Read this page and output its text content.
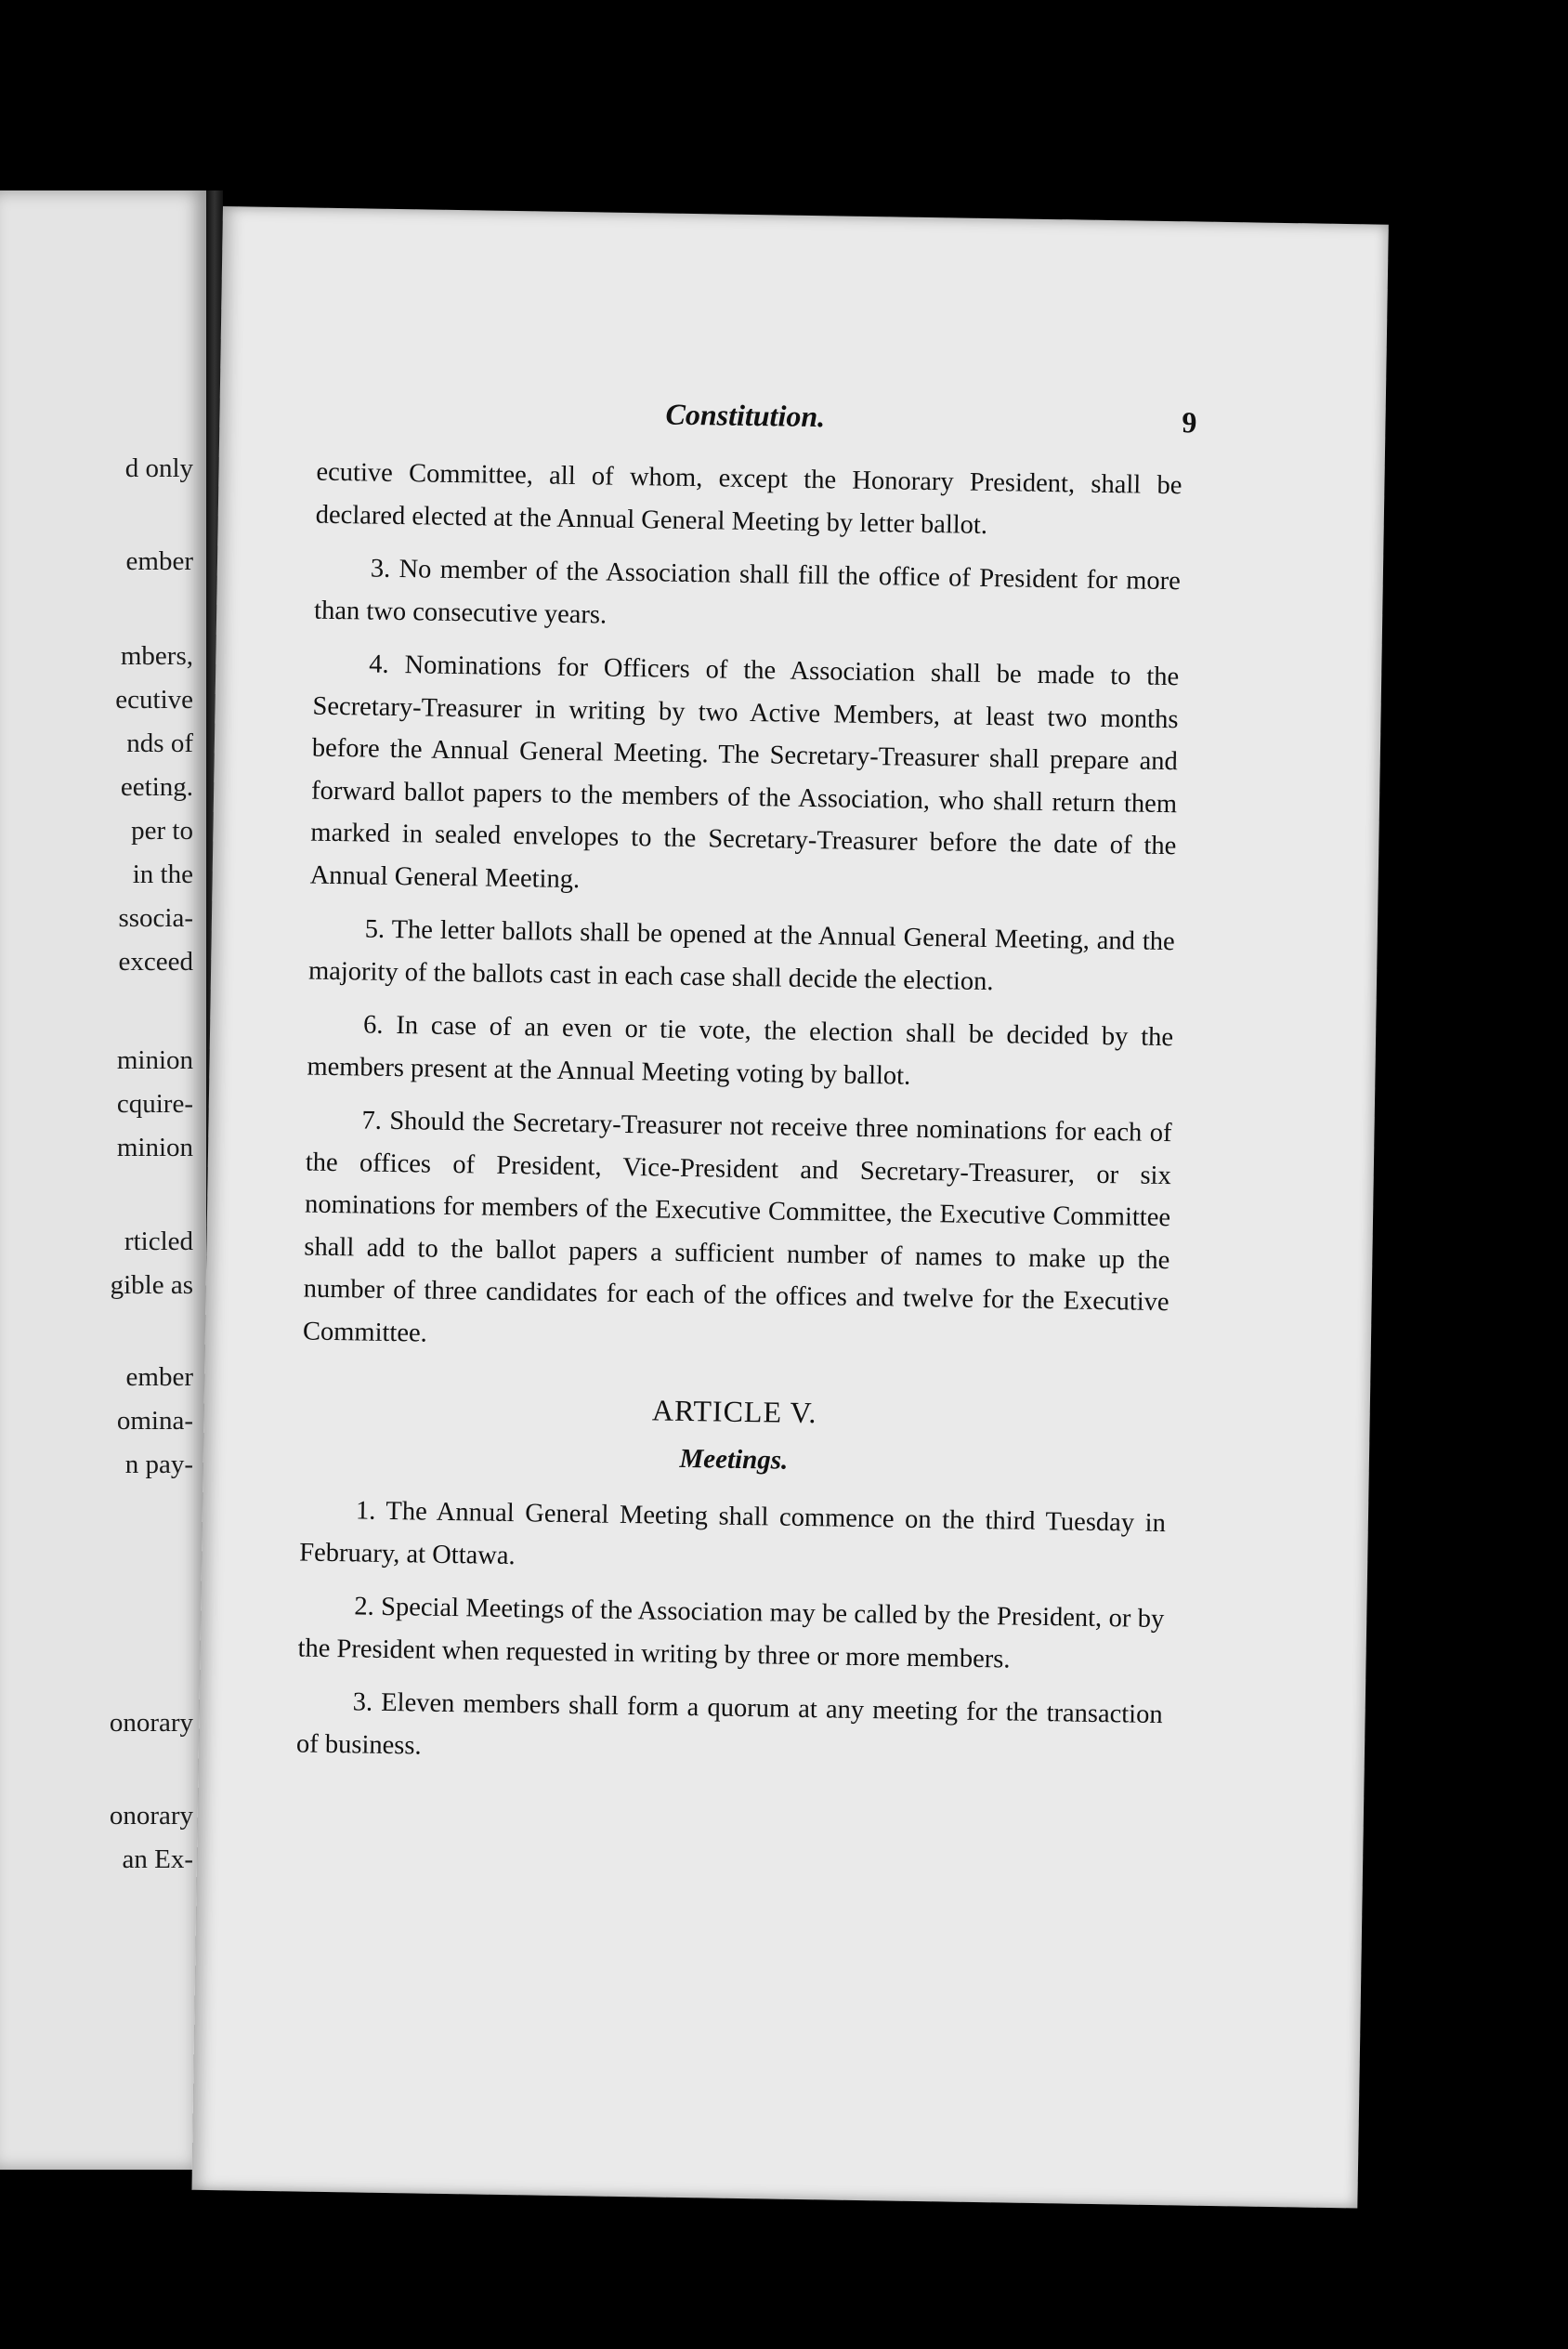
d only
ember
mbers,
ecutive
nds of
eeting.
per to
in the
ssocia-
exceed
minion
cquire-
minion
rticled
gible as
ember
omina-
n pay-
onorary
onorary
an Ex-
Constitution.	9

ecutive Committee, all of whom, except the Honorary President, shall be declared elected at the Annual General Meeting by letter ballot.

3. No member of the Association shall fill the office of President for more than two consecutive years.

4. Nominations for Officers of the Association shall be made to the Secretary-Treasurer in writing by two Active Members, at least two months before the Annual General Meeting. The Secretary-Treasurer shall prepare and forward ballot papers to the members of the Association, who shall return them marked in sealed envelopes to the Secretary-Treasurer before the date of the Annual General Meeting.

5. The letter ballots shall be opened at the Annual General Meeting, and the majority of the ballots cast in each case shall decide the election.

6. In case of an even or tie vote, the election shall be decided by the members present at the Annual Meeting voting by ballot.

7. Should the Secretary-Treasurer not receive three nominations for each of the offices of President, Vice-President and Secretary-Treasurer, or six nominations for members of the Executive Committee, the Executive Committee shall add to the ballot papers a sufficient number of names to make up the number of three candidates for each of the offices and twelve for the Executive Committee.

ARTICLE V.
Meetings.

1. The Annual General Meeting shall commence on the third Tuesday in February, at Ottawa.

2. Special Meetings of the Association may be called by the President, or by the President when requested in writing by three or more members.

3. Eleven members shall form a quorum at any meeting for the transaction of business.
